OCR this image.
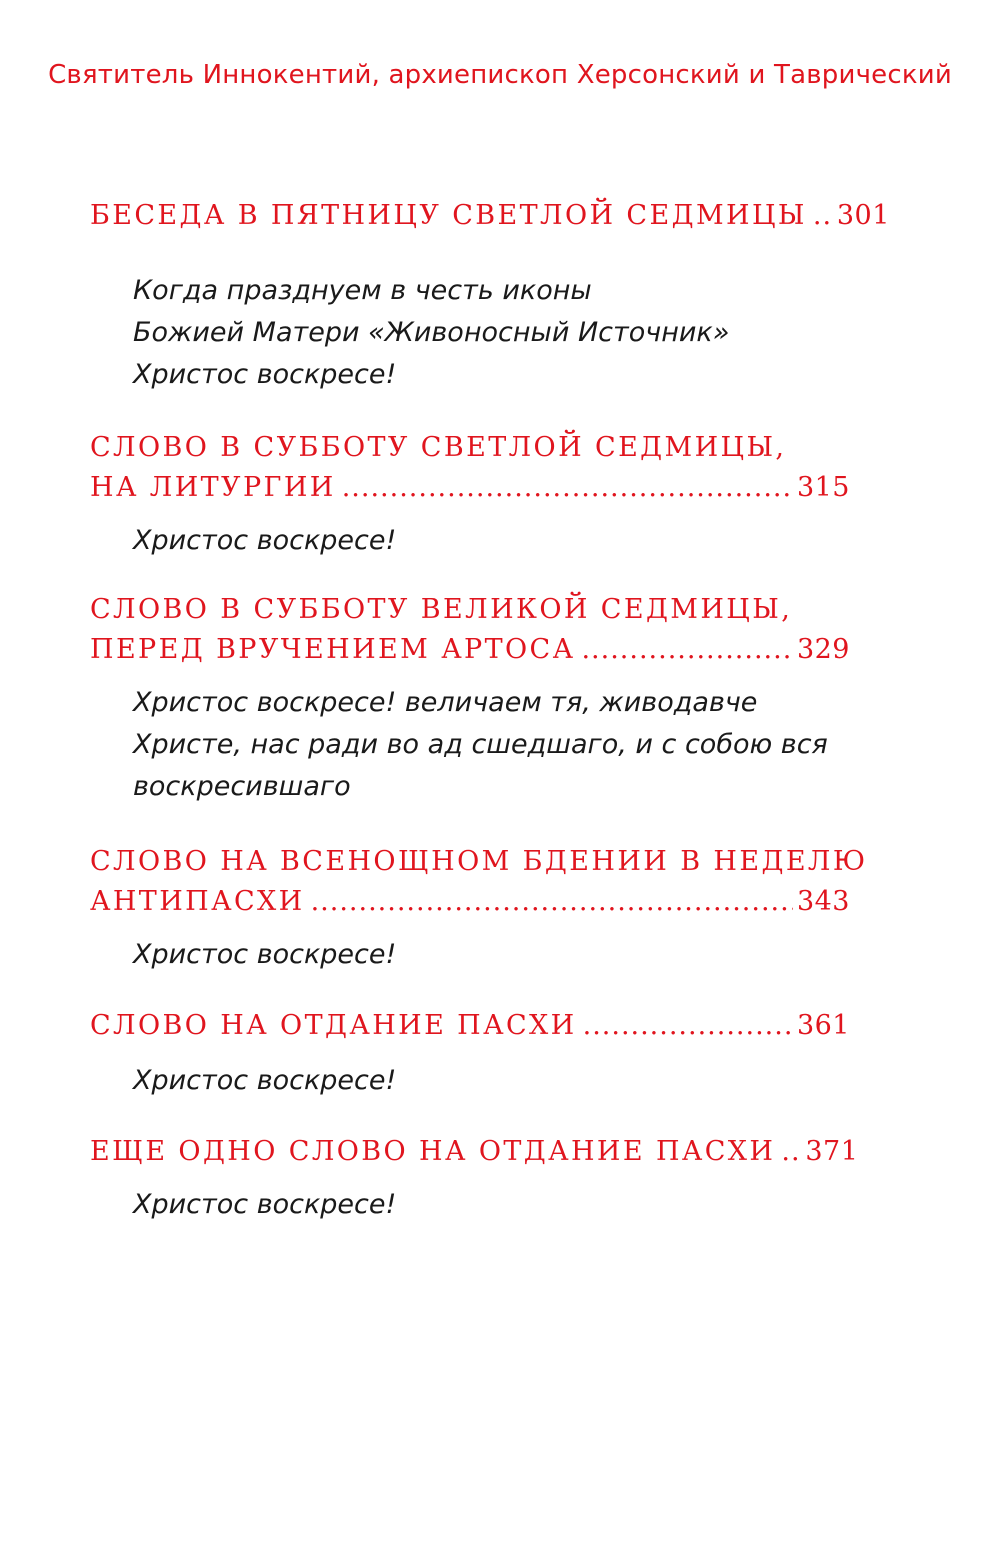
Святитель Иннокентий, архиепископ Херсонский и Таврический
БЕСЕДА В ПЯТНИЦУ СВЕТЛОЙ СЕДМИЦЫ ..... 301
Когда празднуем в честь иконы
Божией Матери «Живоносный Источник»
Христос воскресе!
СЛОВО В СУББОТУ СВЕТЛОЙ СЕДМИЦЫ,
НА ЛИТУРГИИ .....	315
Христос воскресе!
СЛОВО В СУББОТУ ВЕЛИКОЙ СЕДМИЦЫ,
ПЕРЕД ВРУЧЕНИЕМ АРТОСА .....	329
Христос воскресе! величаем тя, живодавче
Христе, нас ради во ад сшедшаго, и с собою вся
воскресившаго
СЛОВО НА ВСЕНОЩНОМ БДЕНИИ В НЕДЕЛЮ
АНТИПАСХИ .....	343
Христос воскресе!
СЛОВО НА ОТДАНИЕ ПАСХИ .....	361
Христос воскресе!
ЕЩЕ ОДНО СЛОВО НА ОТДАНИЕ ПАСХИ ..... 371
Христос воскресе!
